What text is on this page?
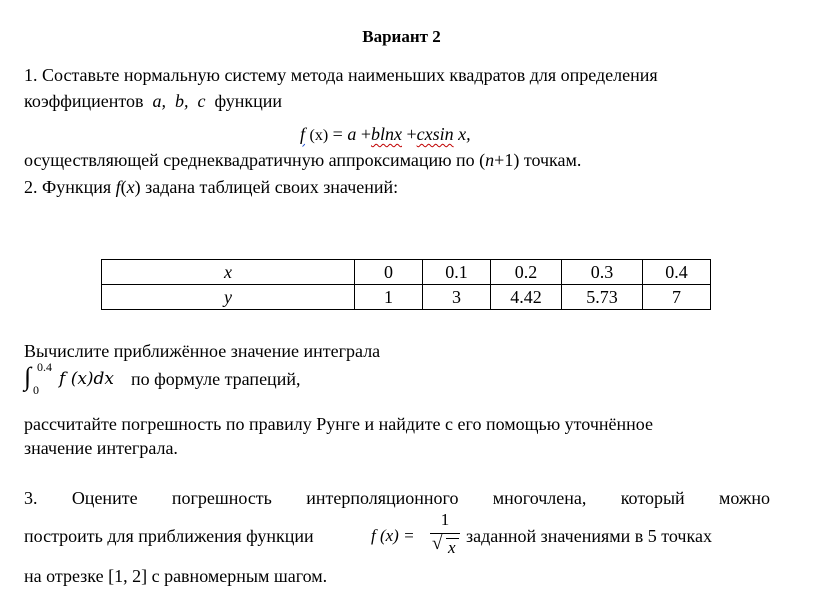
Вариант 2
1. Составьте нормальную систему метода наименьших квадратов для определения
коэффициентов a, b, c функции
f (x) = a +blnx +cxsin x,
осуществляющей среднеквадратичную аппроксимацию по (n+1) точкам.
2. Функция f(x) задана таблицей своих значений:
x	0	0.1	0.2	0.3	0.4
y	1	3	4.42	5.73	7
Вычислите приближённое значение интеграла
∫ 0.4
0
f (x)dx по формуле трапеций,
рассчитайте погрешность по правилу Рунге и найдите с его помощью уточнённое
значение интеграла.
3. Оцените погрешность интерполяционного многочлена, который можно
построить для приближения функции	f (x) =
1
√ x
заданной значениями в 5 точках
на отрезке [1, 2] с равномерным шагом.
